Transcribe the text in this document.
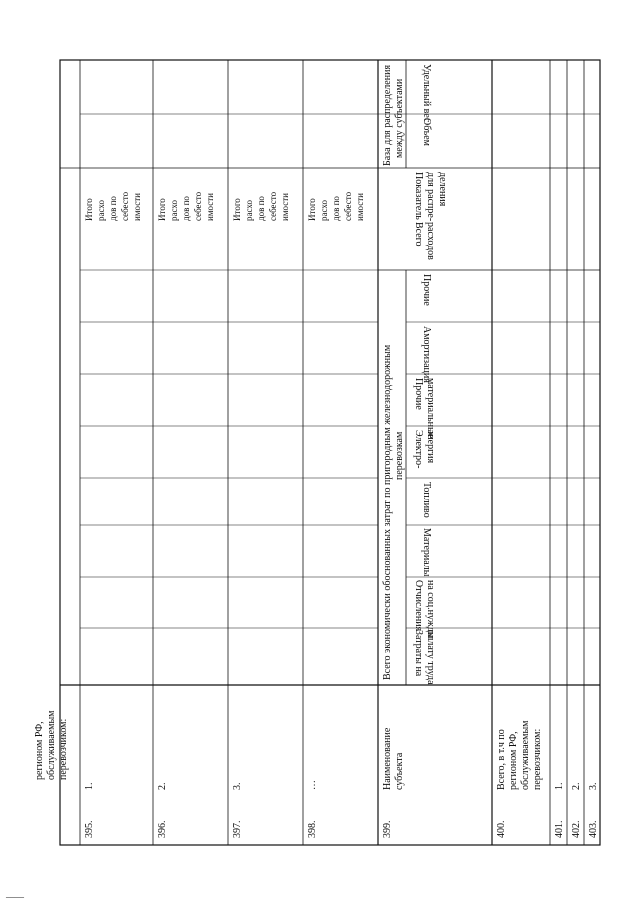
регионом РФ, обслуживаемым перевозчиком:
395.
1.
Итого расхо дов по себесто имости
396.
2.
Итого расхо дов по себесто имости
397.
3.
Итого расхо дов по себесто имости
398.
…
Итого расхо дов по себесто имости
399.
Наименование субъекта
Всего экономически обоснованных затрат по пригородным железнодорожным перевозкам
Затраты на оплату труда
Отчисления на соц.нужды
Материалы
Топливо
Электро- энергия
Прочие материальные
Амортизация
Прочие
Всего расходов
База для распределения между субъектами
Показатель для распре- деления
Объем
Удельный вес
400.
Всего, в т.ч по регионом РФ, обслуживаемым перевозчиком:
401.
1.
402.
2.
403.
3.
——
